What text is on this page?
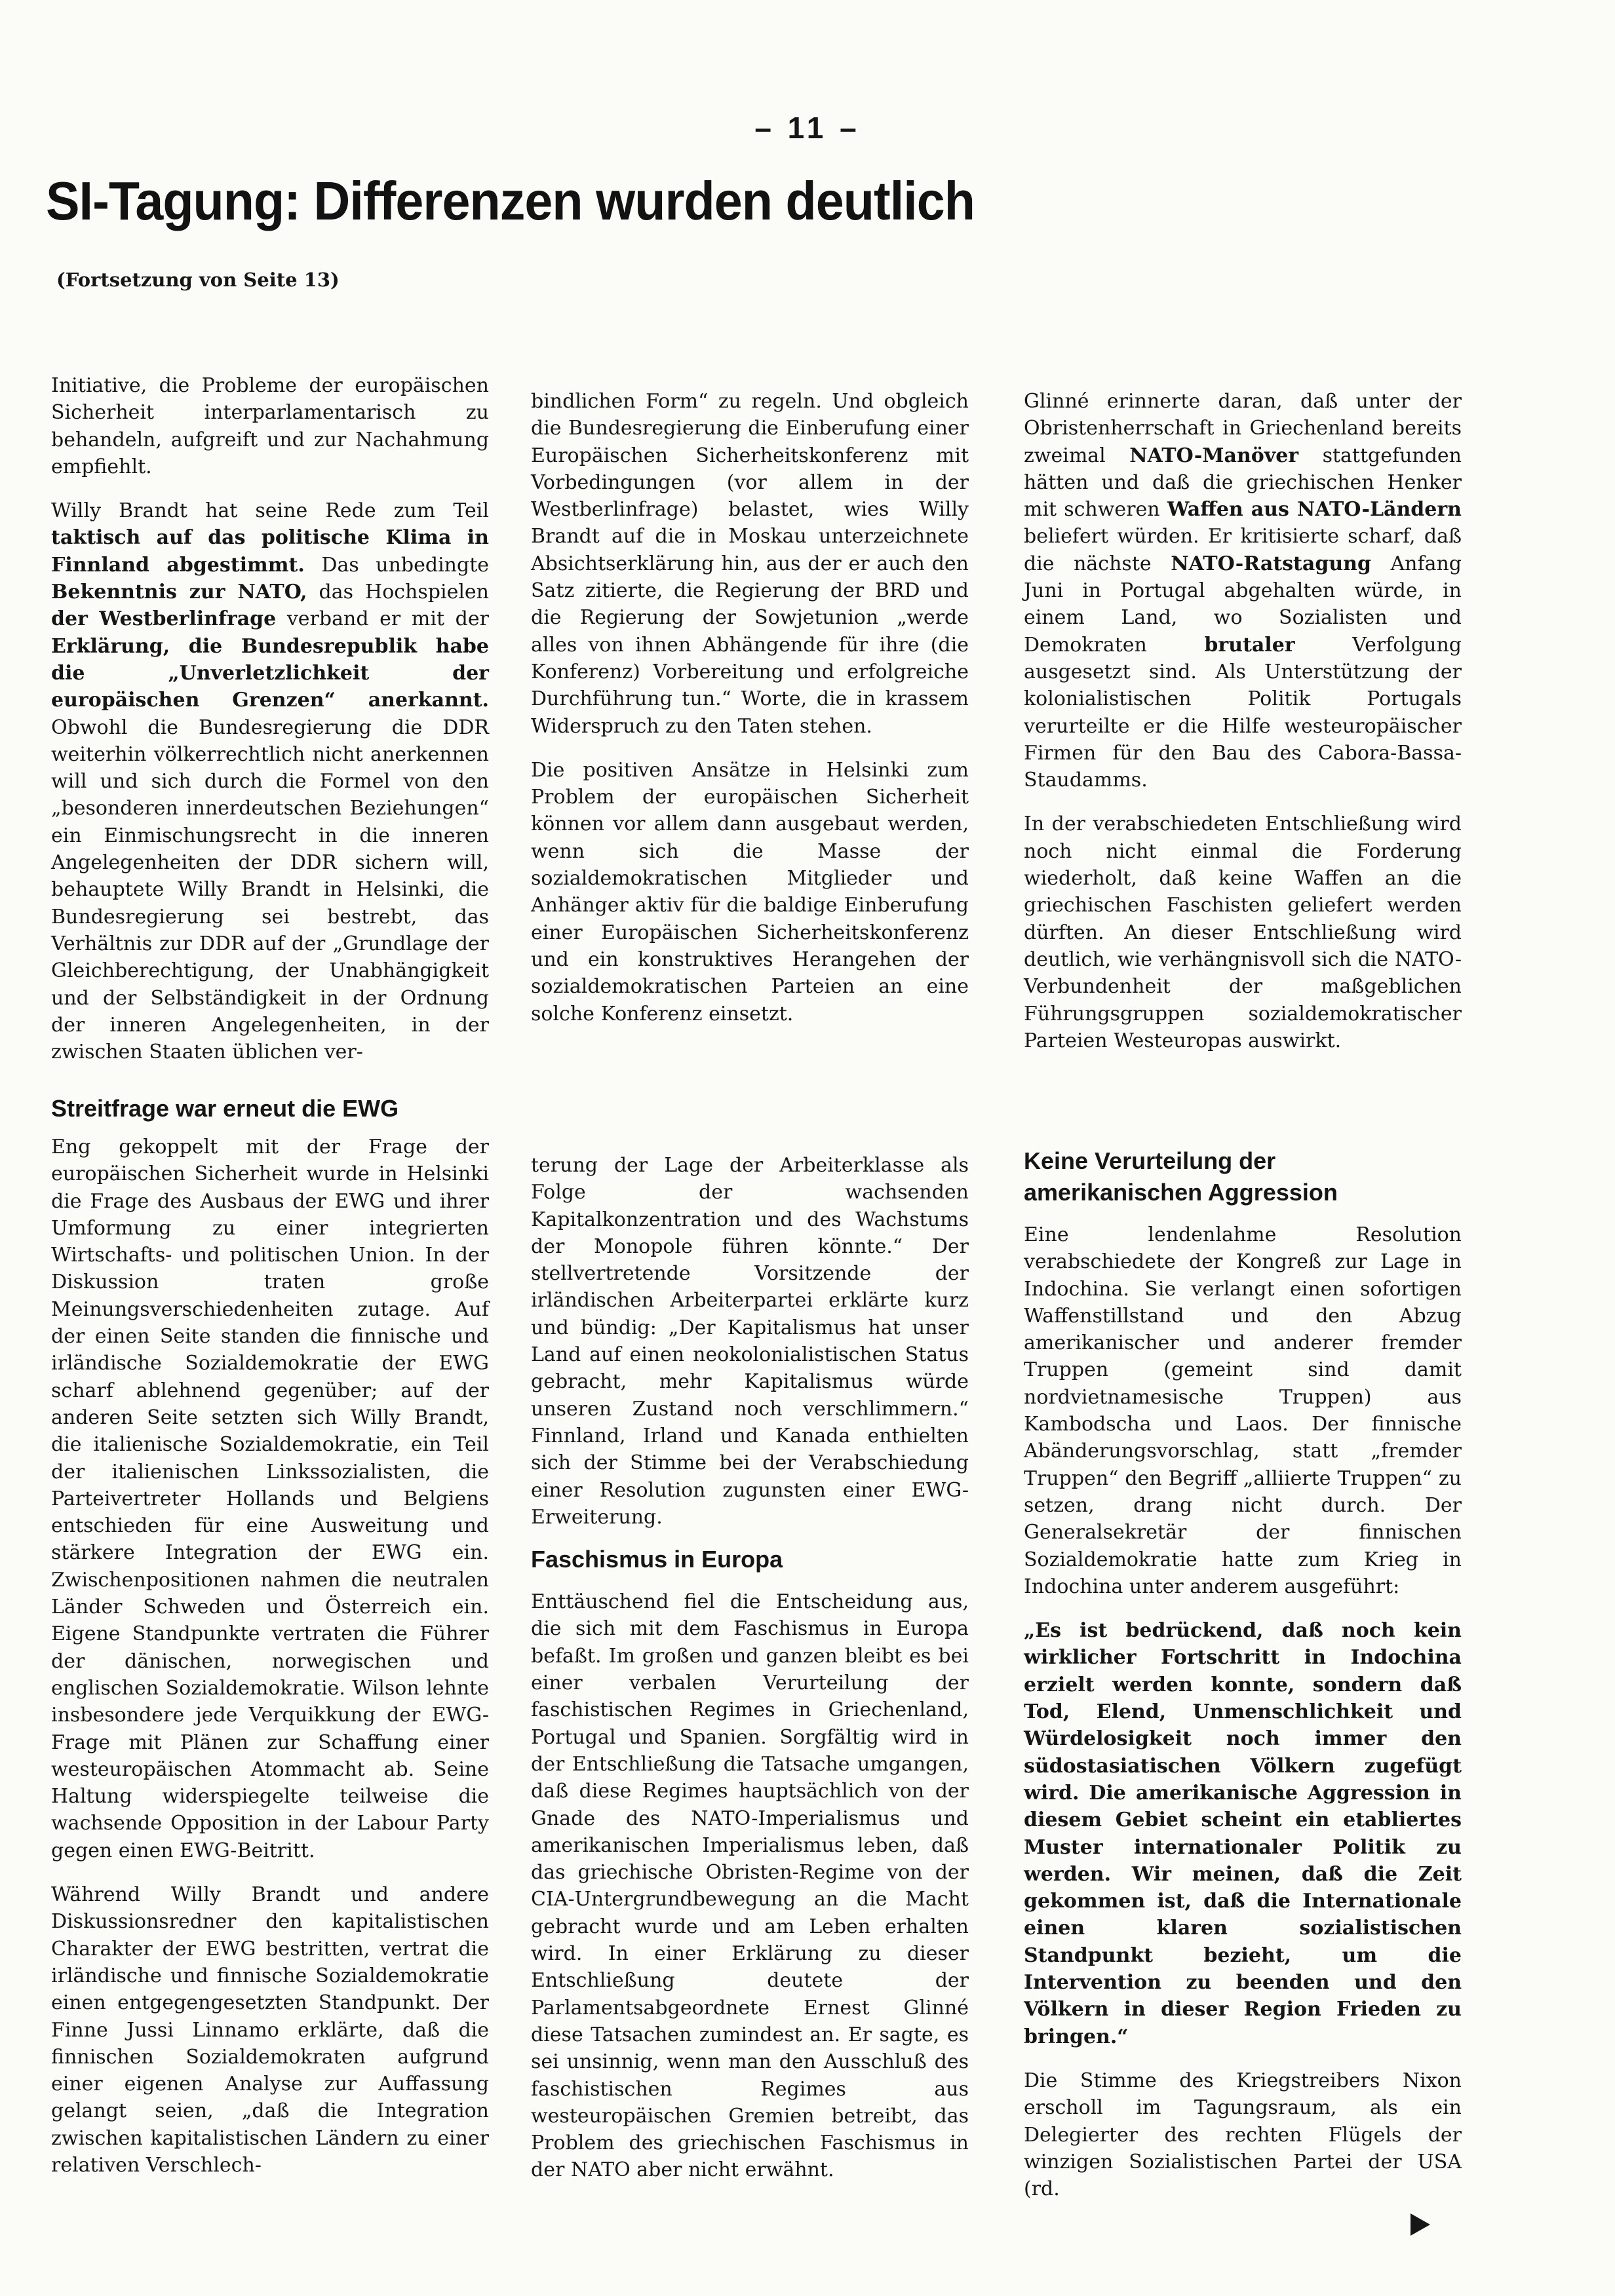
– 11 –
SI-Tagung: Differenzen wurden deutlich
(Fortsetzung von Seite 13)

Initiative, die Probleme der europäischen Sicherheit interparlamentarisch zu behandeln, aufgreift und zur Nachahmung empfiehlt.

Willy Brandt hat seine Rede zum Teil taktisch auf das politische Klima in Finnland abgestimmt. Das unbedingte Bekenntnis zur NATO, das Hochspielen der Westberlinfrage verband er mit der Erklärung, die Bundesrepublik habe die „Unverletzlichkeit der europäischen Grenzen“ anerkannt. Obwohl die Bundesregierung die DDR weiterhin völkerrechtlich nicht anerkennen will und sich durch die Formel von den „besonderen innerdeutschen Beziehungen“ ein Einmischungsrecht in die inneren Angelegenheiten der DDR sichern will, behauptete Willy Brandt in Helsinki, die Bundesregierung sei bestrebt, das Verhältnis zur DDR auf der „Grundlage der Gleichberechtigung, der Unabhängigkeit und der Selbständigkeit in der Ordnung der inneren Angelegenheiten, in der zwischen Staaten üblichen ver-

Streitfrage war erneut die EWG

Eng gekoppelt mit der Frage der europäischen Sicherheit wurde in Helsinki die Frage des Ausbaus der EWG und ihrer Umformung zu einer integrierten Wirtschafts- und politischen Union. In der Diskussion traten große Meinungsverschiedenheiten zutage. Auf der einen Seite standen die finnische und irländische Sozialdemokratie der EWG scharf ablehnend gegenüber; auf der anderen Seite setzten sich Willy Brandt, die italienische Sozialdemokratie, ein Teil der italienischen Linkssozialisten, die Parteivertreter Hollands und Belgiens entschieden für eine Ausweitung und stärkere Integration der EWG ein. Zwischenpositionen nahmen die neutralen Länder Schweden und Österreich ein. Eigene Standpunkte vertraten die Führer der dänischen, norwegischen und englischen Sozialdemokratie. Wilson lehnte insbesondere jede Verquikkung der EWG-Frage mit Plänen zur Schaffung einer westeuropäischen Atommacht ab. Seine Haltung widerspiegelte teilweise die wachsende Opposition in der Labour Party gegen einen EWG-Beitritt.

Während Willy Brandt und andere Diskussionsredner den kapitalistischen Charakter der EWG bestritten, vertrat die irländische und finnische Sozialdemokratie einen entgegengesetzten Standpunkt. Der Finne Jussi Linnamo erklärte, daß die finnischen Sozialdemokraten aufgrund einer eigenen Analyse zur Auffassung gelangt seien, „daß die Integration zwischen kapitalistischen Ländern zu einer relativen Verschlech-

bindlichen Form“ zu regeln. Und obgleich die Bundesregierung die Einberufung einer Europäischen Sicherheitskonferenz mit Vorbedingungen (vor allem in der Westberlinfrage) belastet, wies Willy Brandt auf die in Moskau unterzeichnete Absichtserklärung hin, aus der er auch den Satz zitierte, die Regierung der BRD und die Regierung der Sowjetunion „werde alles von ihnen Abhängende für ihre (die Konferenz) Vorbereitung und erfolgreiche Durchführung tun.“ Worte, die in krassem Widerspruch zu den Taten stehen.

Die positiven Ansätze in Helsinki zum Problem der europäischen Sicherheit können vor allem dann ausgebaut werden, wenn sich die Masse der sozialdemokratischen Mitglieder und Anhänger aktiv für die baldige Einberufung einer Europäischen Sicherheitskonferenz und ein konstruktives Herangehen der sozialdemokratischen Parteien an eine solche Konferenz einsetzt.

terung der Lage der Arbeiterklasse als Folge der wachsenden Kapitalkonzentration und des Wachstums der Monopole führen könnte.“ Der stellvertretende Vorsitzende der irländischen Arbeiterpartei erklärte kurz und bündig: „Der Kapitalismus hat unser Land auf einen neokolonialistischen Status gebracht, mehr Kapitalismus würde unseren Zustand noch verschlimmern.“ Finnland, Irland und Kanada enthielten sich der Stimme bei der Verabschiedung einer Resolution zugunsten einer EWG-Erweiterung.

Faschismus in Europa

Enttäuschend fiel die Entscheidung aus, die sich mit dem Faschismus in Europa befaßt. Im großen und ganzen bleibt es bei einer verbalen Verurteilung der faschistischen Regimes in Griechenland, Portugal und Spanien. Sorgfältig wird in der Entschließung die Tatsache umgangen, daß diese Regimes hauptsächlich von der Gnade des NATO-Imperialismus und amerikanischen Imperialismus leben, daß das griechische Obristen-Regime von der CIA-Untergrundbewegung an die Macht gebracht wurde und am Leben erhalten wird. In einer Erklärung zu dieser Entschließung deutete der Parlamentsabgeordnete Ernest Glinné diese Tatsachen zumindest an. Er sagte, es sei unsinnig, wenn man den Ausschluß des faschistischen Regimes aus westeuropäischen Gremien betreibt, das Problem des griechischen Faschismus in der NATO aber nicht erwähnt.

Glinné erinnerte daran, daß unter der Obristenherrschaft in Griechenland bereits zweimal NATO-Manöver stattgefunden hätten und daß die griechischen Henker mit schweren Waffen aus NATO-Ländern beliefert würden. Er kritisierte scharf, daß die nächste NATO-Ratstagung Anfang Juni in Portugal abgehalten würde, in einem Land, wo Sozialisten und Demokraten brutaler Verfolgung ausgesetzt sind. Als Unterstützung der kolonialistischen Politik Portugals verurteilte er die Hilfe westeuropäischer Firmen für den Bau des Cabora-Bassa-Staudamms.

In der verabschiedeten Entschließung wird noch nicht einmal die Forderung wiederholt, daß keine Waffen an die griechischen Faschisten geliefert werden dürften. An dieser Entschließung wird deutlich, wie verhängnisvoll sich die NATO-Verbundenheit der maßgeblichen Führungsgruppen sozialdemokratischer Parteien Westeuropas auswirkt.

Keine Verurteilung der
amerikanischen Aggression

Eine lendenlahme Resolution verabschiedete der Kongreß zur Lage in Indochina. Sie verlangt einen sofortigen Waffenstillstand und den Abzug amerikanischer und anderer fremder Truppen (gemeint sind damit nordvietnamesische Truppen) aus Kambodscha und Laos. Der finnische Abänderungsvorschlag, statt „fremder Truppen“ den Begriff „alliierte Truppen“ zu setzen, drang nicht durch. Der Generalsekretär der finnischen Sozialdemokratie hatte zum Krieg in Indochina unter anderem ausgeführt:

„Es ist bedrückend, daß noch kein wirklicher Fortschritt in Indochina erzielt werden konnte, sondern daß Tod, Elend, Unmenschlichkeit und Würdelosigkeit noch immer den südostasiatischen Völkern zugefügt wird. Die amerikanische Aggression in diesem Gebiet scheint ein etabliertes Muster internationaler Politik zu werden. Wir meinen, daß die Zeit gekommen ist, daß die Internationale einen klaren sozialistischen Standpunkt bezieht, um die Intervention zu beenden und den Völkern in dieser Region Frieden zu bringen.“

Die Stimme des Kriegstreibers Nixon erscholl im Tagungsraum, als ein Delegierter des rechten Flügels der winzigen Sozialistischen Partei der USA (rd.
